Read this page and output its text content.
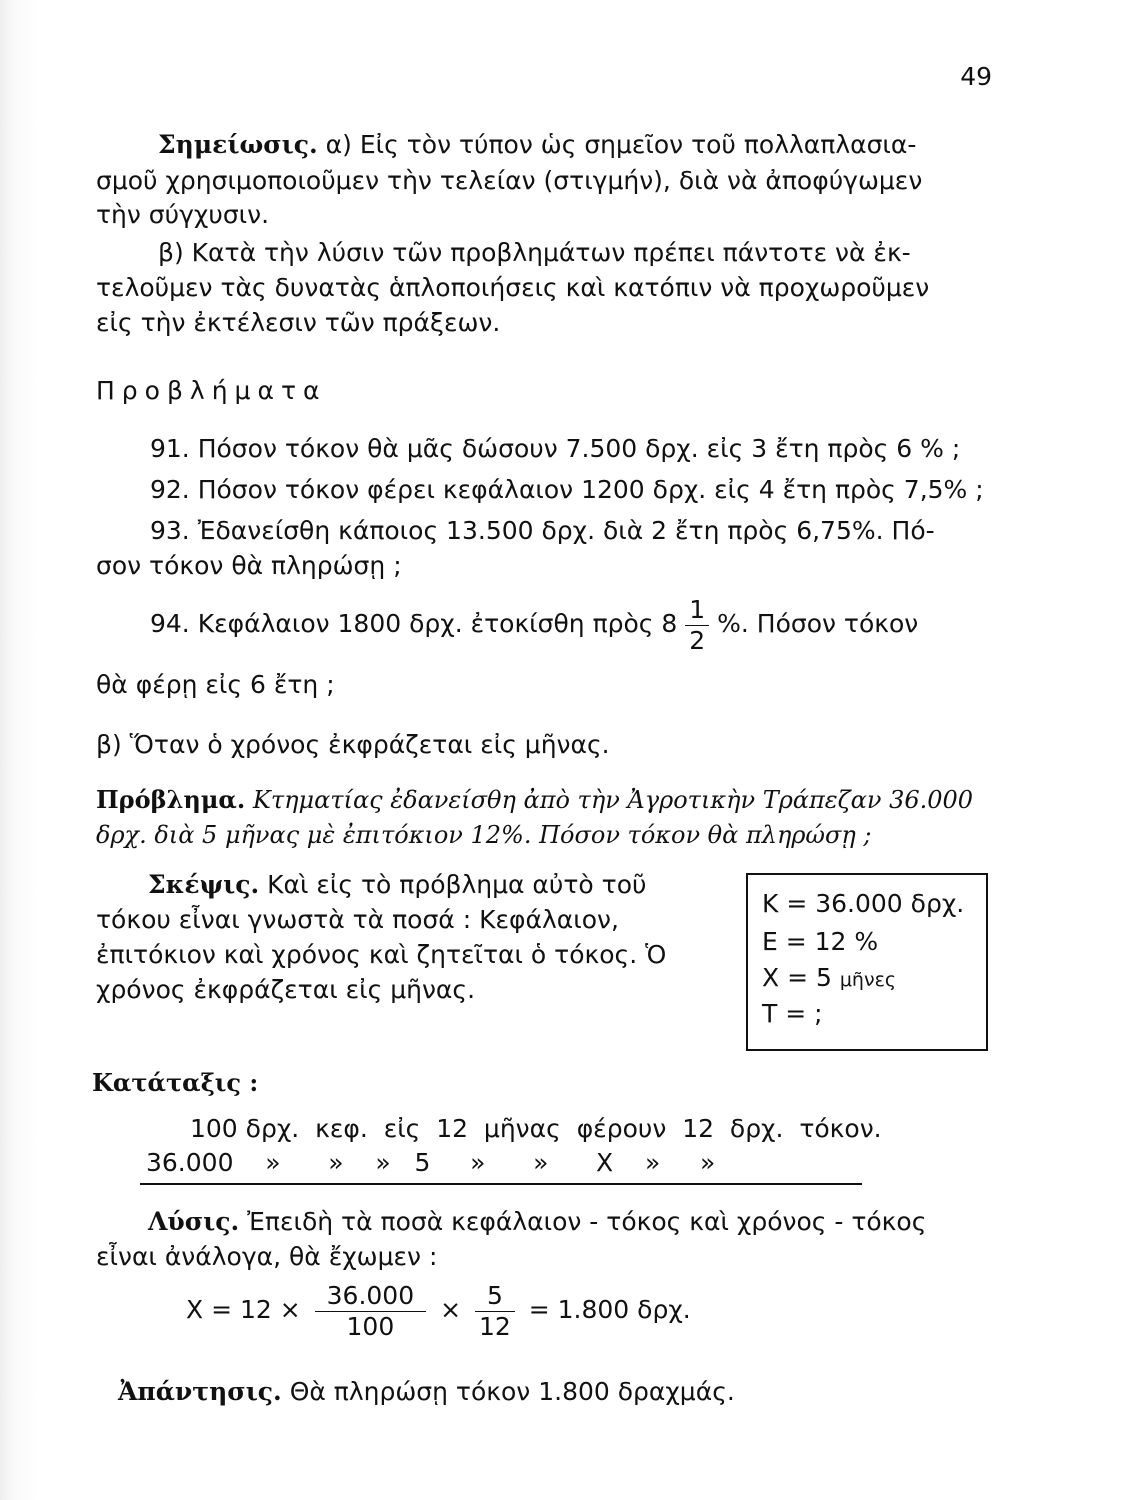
49
Σημείωσις. α) Εἰς τὸν τύπον ὡς σημεῖον τοῦ πολλαπλασια-
σμοῦ χρησιμοποιοῦμεν τὴν τελείαν (στιγμήν), διὰ νὰ ἀποφύγωμεν
τὴν σύγχυσιν.
β) Κατὰ τὴν λύσιν τῶν προβλημάτων πρέπει πάντοτε νὰ ἐκ-
τελοῦμεν τὰς δυνατὰς ἁπλοποιήσεις καὶ κατόπιν νὰ προχωροῦμεν
εἰς τὴν ἐκτέλεσιν τῶν πράξεων.
Προβλήματα
91. Πόσον τόκον θὰ μᾶς δώσουν 7.500 δρχ. εἰς 3 ἔτη πρὸς 6 % ;
92. Πόσον τόκον φέρει κεφάλαιον 1200 δρχ. εἰς 4 ἔτη πρὸς 7,5% ;
93. Ἐδανείσθη κάποιος 13.500 δρχ. διὰ 2 ἔτη πρὸς 6,75%. Πό-
σον τόκον θὰ πληρώσῃ ;
94. Κεφάλαιον 1800 δρχ. ἐτοκίσθη πρὸς $8 \frac{1}{2}$ %. Πόσον τόκον
θὰ φέρῃ εἰς 6 ἔτη ;
β) Ὅταν ὁ χρόνος ἐκφράζεται εἰς μῆνας.
Πρόβλημα. Κτηματίας ἐδανείσθη ἀπὸ τὴν Ἀγροτικὴν Τράπεζαν 36.000
δρχ. διὰ 5 μῆνας μὲ ἐπιτόκιον 12%. Πόσον τόκον θὰ πληρώσῃ ;
Σκέψις. Καὶ εἰς τὸ πρόβλημα αὐτὸ τοῦ
τόκου εἶναι γνωστὰ τὰ ποσά : Κεφάλαιον,
ἐπιτόκιον καὶ χρόνος καὶ ζητεῖται ὁ τόκος. Ὁ
χρόνος ἐκφράζεται εἰς μῆνας.
Κ = 36.000 δρχ.
Ε = 12 %
Χ = 5 μῆνες
Τ = ;
Κατάταξις :
100 δρχ.  κεφ.  εἰς  12  μῆνας  φέρουν  12  δρχ.  τόκον.
36.000    »      »    »   5     »      »      Χ    »     »
Λύσις. Ἐπειδὴ τὰ ποσὰ κεφάλαιον - τόκος καὶ χρόνος - τόκος
εἶναι ἀνάλογα, θὰ ἔχωμεν :
$X = 12 \times \frac{36.000}{100} \times \frac{5}{12} = 1.800$ δρχ.
Ἀπάντησις. Θὰ πληρώσῃ τόκον 1.800 δραχμάς.
